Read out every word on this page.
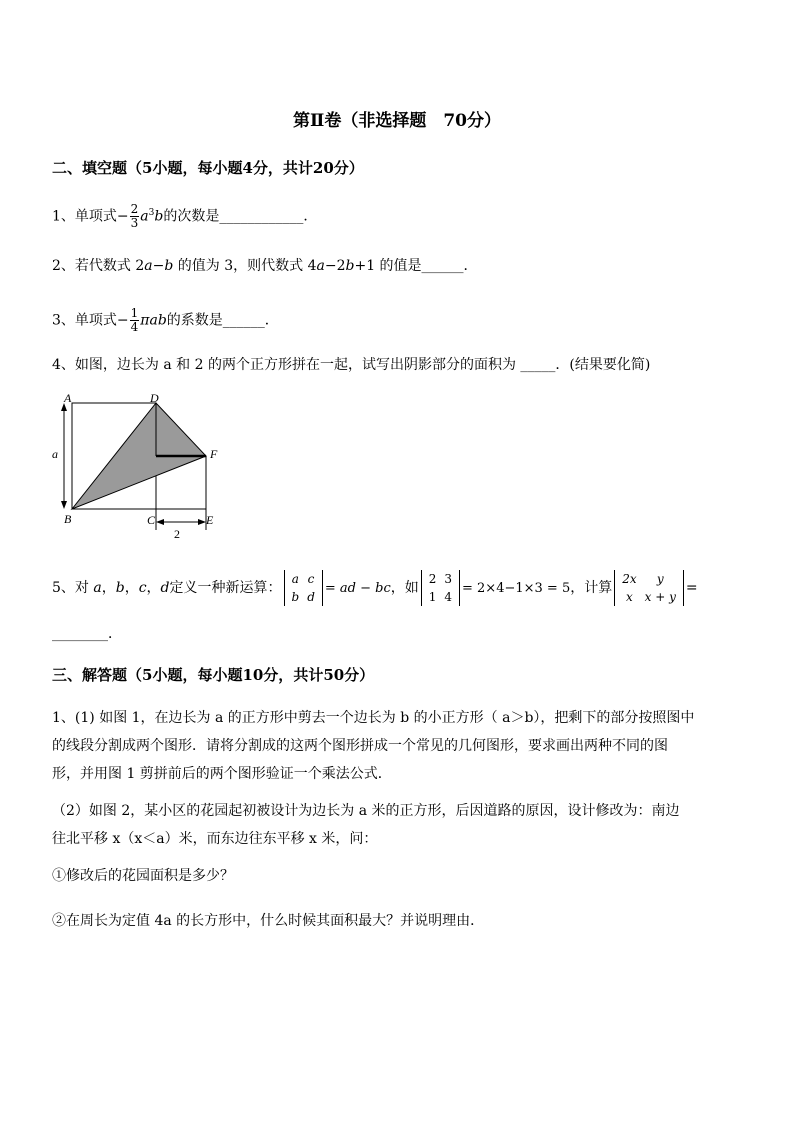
第Ⅱ卷（非选择题　70分）
二、填空题（5小题，每小题4分，共计20分）
1、单项式− $\frac{2}{3} a^3b$的次数是____________．
2、若代数式 2a−b 的值为 3，则代数式 4a−2b+1 的值是______．
3、单项式− $\frac{1}{4}$ πab的系数是______．
4、如图，边长为 a 和 2 的两个正方形拼在一起，试写出阴影部分的面积为 _____．(结果要化简)
A	D
F
B	C	E
a
2
5、对 a，b，c，d定义一种新运算：
a	c
b	d
= ad − bc，如
2	3
1	4
= 2×4−1×3 = 5，计算
2x	y
x	x + y
=
________．
三、解答题（5小题，每小题10分，共计50分）
1、(1) 如图 1，在边长为 a 的正方形中剪去一个边长为 b 的小正方形（ a＞b），把剩下的部分按照图中
的线段分割成两个图形．请将分割成的这两个图形拼成一个常见的几何图形，要求画出两种不同的图
形，并用图 1 剪拼前后的两个图形验证一个乘法公式．
（2）如图 2，某小区的花园起初被设计为边长为 a 米的正方形，后因道路的原因，设计修改为：南边
往北平移 x（x＜a）米，而东边往东平移 x 米，问：
①修改后的花园面积是多少？
②在周长为定值 4a 的长方形中，什么时候其面积最大？并说明理由．
